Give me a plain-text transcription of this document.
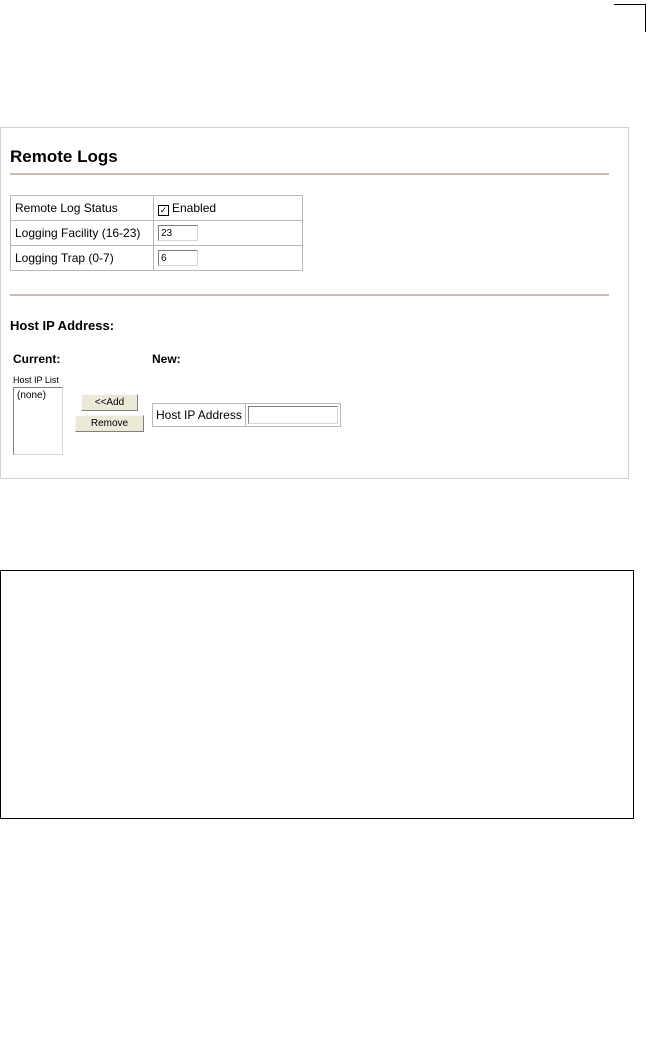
Remote Logs
Remote Log Status	✓ Enabled
Logging Facility (16-23)	23
Logging Trap (0-7)	6
Host IP Address:
Current:	New:
Host IP List
(none)
<<Add
Remove
Host IP Address
